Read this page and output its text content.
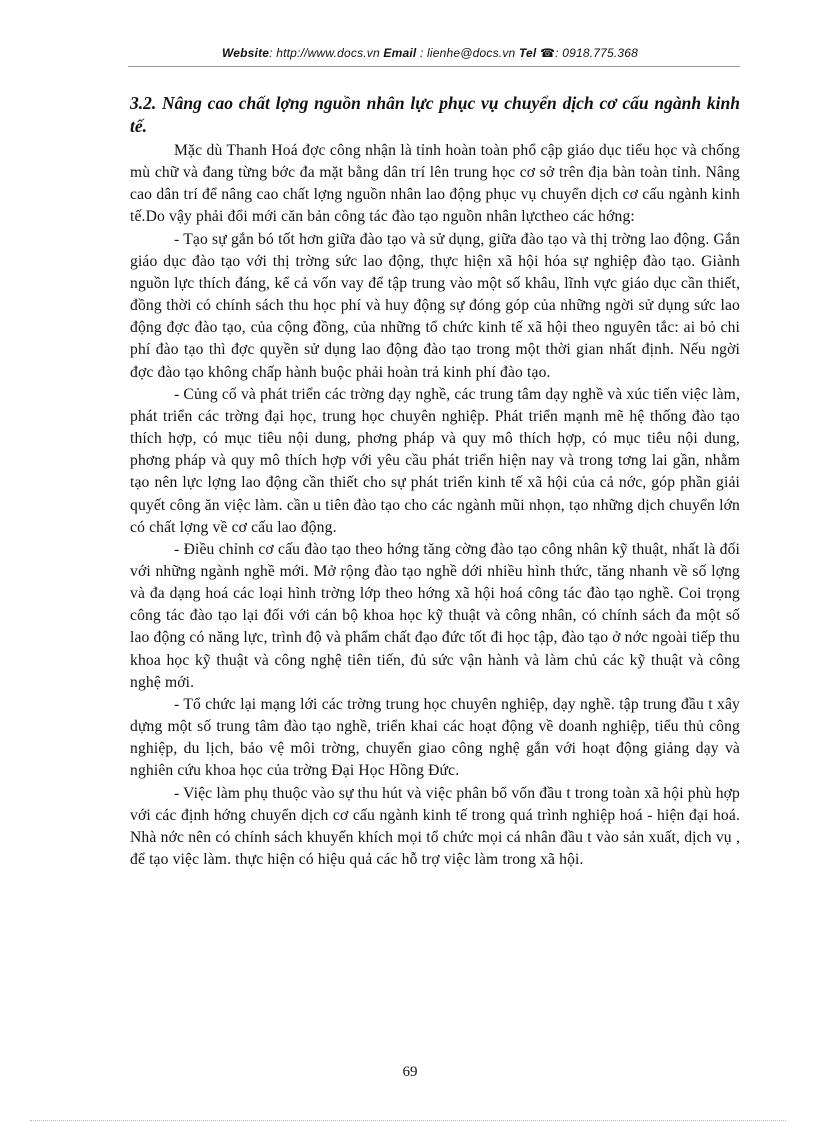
Website: http://www.docs.vn Email : lienhe@docs.vn Tel ☎: 0918.775.368
3.2. Nâng cao chất lợng nguồn nhân lực phục vụ chuyển dịch cơ cấu ngành kinh tế.

Mặc dù Thanh Hoá đợc công nhận là tỉnh hoàn toàn phổ cập giáo dục tiểu học và chống mù chữ và đang từng bớc đa mặt bằng dân trí lên trung học cơ sở trên địa bàn toàn tỉnh. Nâng cao dân trí để nâng cao chất lợng nguồn nhân lao động phục vụ chuyển dịch cơ cấu ngành kinh tế.Do vậy phải đổi mới căn bản công tác đào tạo nguồn nhân lựctheo các hớng:

- Tạo sự gắn bó tốt hơn giữa đào tạo và sử dụng, giữa đào tạo và thị trờng lao động. Gắn giáo dục đào tạo với thị trờng sức lao động, thực hiện xã hội hóa sự nghiệp đào tạo. Giành nguồn lực thích đáng, kể cả vốn vay để tập trung vào một số khâu, lĩnh vực giáo dục cần thiết, đồng thời có chính sách thu học phí và huy động sự đóng góp của những ngời sử dụng sức lao động đợc đào tạo, của cộng đồng, của những tổ chức kinh tế xã hội theo nguyên tắc: ai bỏ chi phí đào tạo thì đợc quyền sử dụng lao động đào tạo trong một thời gian nhất định. Nếu ngời đợc đào tạo không chấp hành buộc phải hoàn trả kinh phí đào tạo.

- Củng cố và phát triển các trờng dạy nghề, các trung tâm dạy nghề và xúc tiến việc làm, phát triển các trờng đại học, trung học chuyên nghiệp. Phát triển mạnh mẽ hệ thống đào tạo thích hợp, có mục tiêu nội dung, phơng pháp và quy mô thích hợp, có mục tiêu nội dung, phơng pháp và quy mô thích hợp với yêu cầu phát triển hiện nay và trong tơng lai gần, nhằm tạo nên lực lợng lao động cần thiết cho sự phát triển kinh tế xã hội của cả nớc, góp phần giải quyết công ăn việc làm. cần u tiên đào tạo cho các ngành mũi nhọn, tạo những dịch chuyển lớn có chất lợng về cơ cấu lao động.

- Điều chỉnh cơ cấu đào tạo theo hớng tăng cờng đào tạo công nhân kỹ thuật, nhất là đối với những ngành nghề mới. Mở rộng đào tạo nghề dới nhiều hình thức, tăng nhanh về số lợng và đa dạng hoá các loại hình trờng lớp theo hớng xã hội hoá công tác đào tạo nghề. Coi trọng công tác đào tạo lại đối với cán bộ khoa học kỹ thuật và công nhân, có chính sách đa một số lao động có năng lực, trình độ và phẩm chất đạo đức tốt đi học tập, đào tạo ở nớc ngoài tiếp thu khoa học kỹ thuật và công nghệ tiên tiến, đủ sức vận hành và làm chủ các kỹ thuật và công nghệ mới.

- Tổ chức lại mạng lới các trờng trung học chuyên nghiệp, dạy nghề. tập trung đầu t xây dựng một số trung tâm đào tạo nghề, triển khai các hoạt động về doanh nghiệp, tiểu thủ công nghiệp, du lịch, bảo vệ môi trờng, chuyển giao công nghệ gắn với hoạt động giảng dạy và nghiên cứu khoa học của trờng Đại Học Hồng Đức.

- Việc làm phụ thuộc vào sự thu hút và việc phân bổ vốn đầu t trong toàn xã hội phù hợp với các định hớng chuyển dịch cơ cấu ngành kinh tế trong quá trình nghiệp hoá - hiện đại hoá. Nhà nớc nên có chính sách khuyến khích mọi tổ chức mọi cá nhân đầu t vào sản xuất, dịch vụ , để tạo việc làm. thực hiện có hiệu quả các hỗ trợ việc làm trong xã hội.

69
